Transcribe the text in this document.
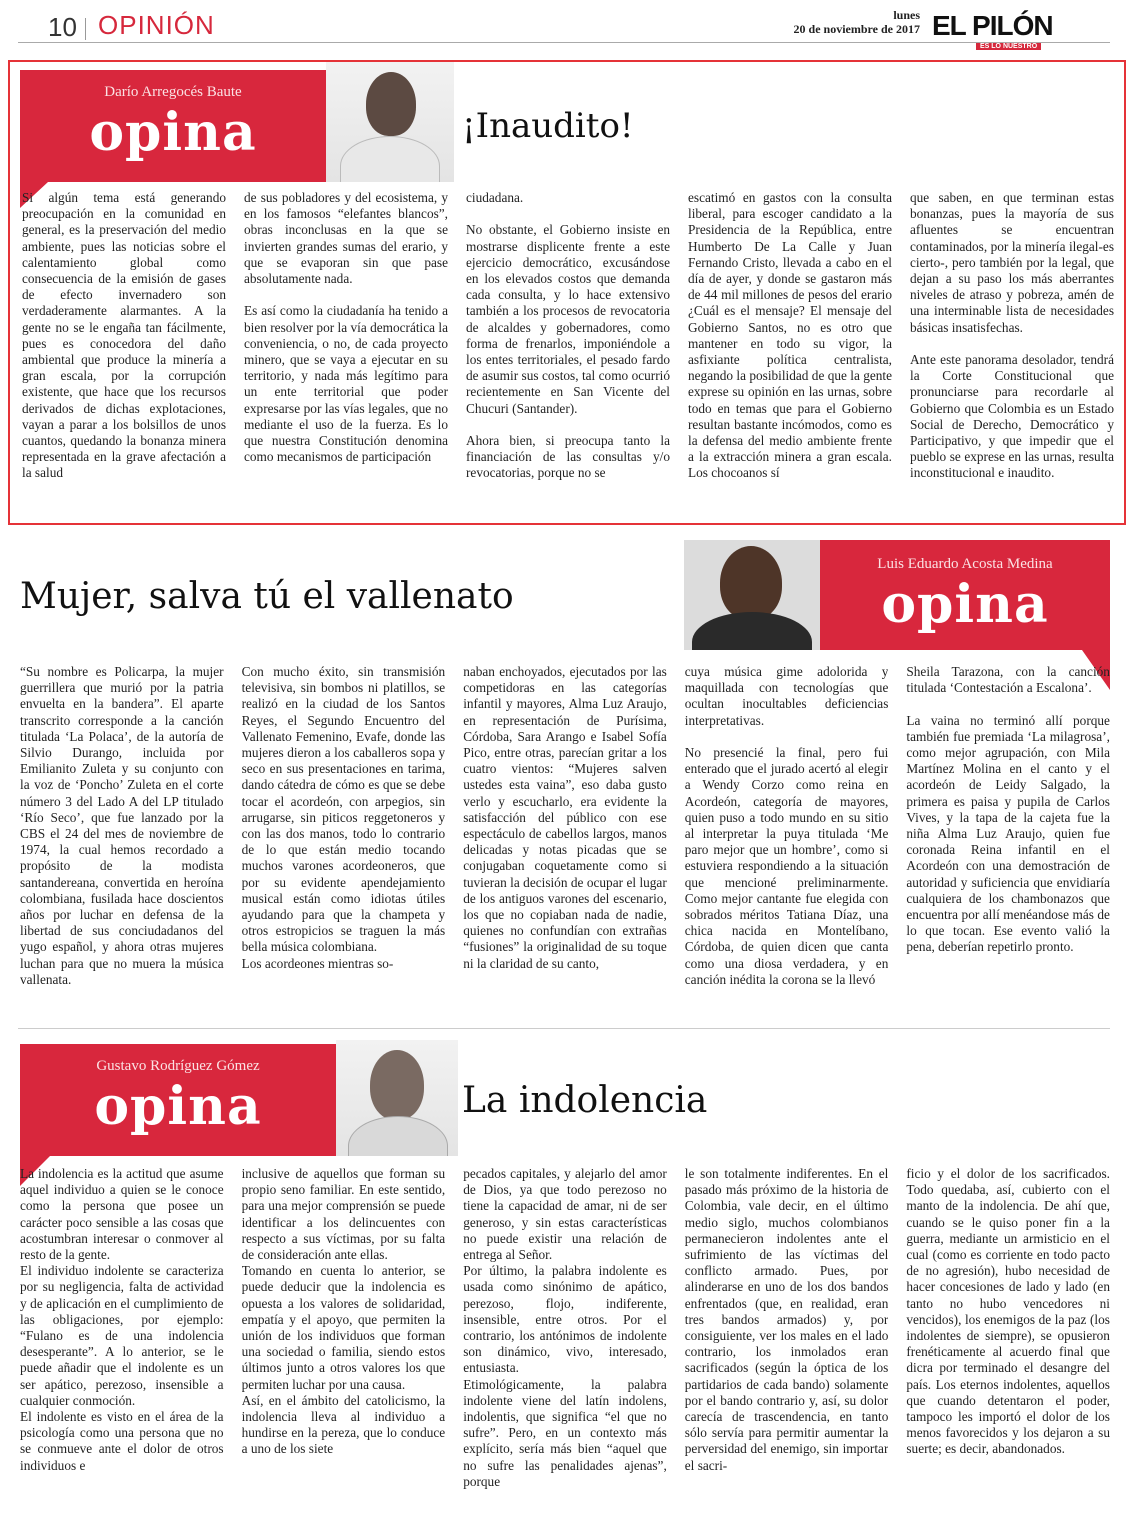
10 OPINIÓN	lunes
20 de noviembre de 2017 EL PILÓN
ES LO NUESTRO
Darío Arregocés Baute
opina	¡Inaudito!
Si algún tema está generando preocupación en la comunidad en general, es la preservación del medio ambiente, pues las noticias sobre el calentamiento global como consecuencia de la emisión de gases de efecto invernadero son verdaderamente alarmantes. A la gente no se le engaña tan fácilmente, pues es conocedora del daño ambiental que produce la minería a gran escala, por la corrupción existente, que hace que los recursos derivados de dichas explotaciones, vayan a parar a los bolsillos de unos cuantos, quedando la bonanza minera representada en la grave afectación a la salud
de sus pobladores y del ecosistema, y en los famosos “elefantes blancos”, obras inconclusas en la que se invierten grandes sumas del erario, y que se evaporan sin que pase absolutamente nada.

Es así como la ciudadanía ha tenido a bien resolver por la vía democrática la conveniencia, o no, de cada proyecto minero, que se vaya a ejecutar en su territorio, y nada más legítimo para un ente territorial que poder expresarse por las vías legales, que no mediante el uso de la fuerza. Es lo que nuestra Constitución denomina como mecanismos de participación
ciudadana.

No obstante, el Gobierno insiste en mostrarse displicente frente a este ejercicio democrático, excusándose en los elevados costos que demanda cada consulta, y lo hace extensivo también a los procesos de revocatoria de alcaldes y gobernadores, como forma de frenarlos, imponiéndole a los entes territoriales, el pesado fardo de asumir sus costos, tal como ocurrió recientemente en San Vicente del Chucuri (Santander).

Ahora bien, si preocupa tanto la financiación de las consultas y/o revocatorias, porque no se
escatimó en gastos con la consulta liberal, para escoger candidato a la Presidencia de la República, entre Humberto De La Calle y Juan Fernando Cristo, llevada a cabo en el día de ayer, y donde se gastaron más de 44 mil millones de pesos del erario ¿Cuál es el mensaje? El mensaje del Gobierno Santos, no es otro que mantener en todo su vigor, la asfixiante política centralista, negando la posibilidad de que la gente exprese su opinión en las urnas, sobre todo en temas que para el Gobierno resultan bastante incómodos, como es la defensa del medio ambiente frente a la extracción minera a gran escala. Los chocoanos sí
que saben, en que terminan estas bonanzas, pues la mayoría de sus afluentes se encuentran contaminados, por la minería ilegal-es cierto-, pero también por la legal, que dejan a su paso los más aberrantes niveles de atraso y pobreza, amén de una interminable lista de necesidades básicas insatisfechas.

Ante este panorama desolador, tendrá la Corte Constitucional que pronunciarse para recordarle al Gobierno que Colombia es un Estado Social de Derecho, Democrático y Participativo, y que impedir que el pueblo se exprese en las urnas, resulta inconstitucional e inaudito.
Luis Eduardo Acosta Medina
opina
Mujer, salva tú el vallenato
“Su nombre es Policarpa, la mujer guerrillera que murió por la patria envuelta en la bandera”. El aparte transcrito corresponde a la canción titulada ‘La Polaca’, de la autoría de Silvio Durango, incluida por Emilianito Zuleta y su conjunto con la voz de ‘Poncho’ Zuleta en el corte número 3 del Lado A del LP titulado ‘Río Seco’, que fue lanzado por la CBS el 24 del mes de noviembre de 1974, la cual hemos recordado a propósito de la modista santandereana, convertida en heroína colombiana, fusilada hace doscientos años por luchar en defensa de la libertad de sus conciudadanos del yugo español, y ahora otras mujeres luchan para que no muera la música vallenata.
Con mucho éxito, sin transmisión televisiva, sin bombos ni platillos, se realizó en la ciudad de los Santos Reyes, el Segundo Encuentro del Vallenato Femenino, Evafe, donde las mujeres dieron a los caballeros sopa y seco en sus presentaciones en tarima, dando cátedra de cómo es que se debe tocar el acordeón, con arpegios, sin arrugarse, sin piticos reggetoneros y con las dos manos, todo lo contrario de lo que están medio tocando muchos varones acordeoneros, que por su evidente apendejamiento musical están como idiotas útiles ayudando para que la champeta y otros estropicios se traguen la más bella música colombiana.
Los acordeones mientras so-
naban enchoyados, ejecutados por las competidoras en las categorías infantil y mayores, Alma Luz Araujo, en representación de Purísima, Córdoba, Sara Arango e Isabel Sofía Pico, entre otras, parecían gritar a los cuatro vientos: “Mujeres salven ustedes esta vaina”, eso daba gusto verlo y escucharlo, era evidente la satisfacción del público con ese espectáculo de cabellos largos, manos delicadas y notas picadas que se conjugaban coquetamente como si tuvieran la decisión de ocupar el lugar de los antiguos varones del escenario, los que no copiaban nada de nadie, quienes no confundían con extrañas “fusiones” la originalidad de su toque ni la claridad de su canto,
cuya música gime adolorida y maquillada con tecnologías que ocultan inocultables deficiencias interpretativas.

No presencié la final, pero fui enterado que el jurado acertó al elegir a Wendy Corzo como reina en Acordeón, categoría de mayores, quien puso a todo mundo en su sitio al interpretar la puya titulada ‘Me paro mejor que un hombre’, como si estuviera respondiendo a la situación que mencioné preliminarmente. Como mejor cantante fue elegida con sobrados méritos Tatiana Díaz, una chica nacida en Montelíbano, Córdoba, de quien dicen que canta como una diosa verdadera, y en canción inédita la corona se la llevó
Sheila Tarazona, con la canción titulada ‘Contestación a Escalona’.

La vaina no terminó allí porque también fue premiada ‘La milagrosa’, como mejor agrupación, con Mila Martínez Molina en el canto y el acordeón de Leidy Salgado, la primera es paisa y pupila de Carlos Vives, y la tapa de la cajeta fue la niña Alma Luz Araujo, quien fue coronada Reina infantil en el Acordeón con una demostración de autoridad y suficiencia que envidiaría cualquiera de los chambonazos que encuentra por allí menéandose más de lo que tocan. Ese evento valió la pena, deberían repetirlo pronto.
Gustavo Rodríguez Gómez
opina	La indolencia
La indolencia es la actitud que asume aquel individuo a quien se le conoce como la persona que posee un carácter poco sensible a las cosas que acostumbran interesar o conmover al resto de la gente.
El individuo indolente se caracteriza por su negligencia, falta de actividad y de aplicación en el cumplimiento de las obligaciones, por ejemplo: “Fulano es de una indolencia desesperante”. A lo anterior, se le puede añadir que el indolente es un ser apático, perezoso, insensible a cualquier conmoción.
El indolente es visto en el área de la psicología como una persona que no se conmueve ante el dolor de otros individuos e
inclusive de aquellos que forman su propio seno familiar. En este sentido, para una mejor comprensión se puede identificar a los delincuentes con respecto a sus víctimas, por su falta de consideración ante ellas.
Tomando en cuenta lo anterior, se puede deducir que la indolencia es opuesta a los valores de solidaridad, empatía y el apoyo, que permiten la unión de los individuos que forman una sociedad o familia, siendo estos últimos junto a otros valores los que permiten luchar por una causa.
Así, en el ámbito del catolicismo, la indolencia lleva al individuo a hundirse en la pereza, que lo conduce a uno de los siete
pecados capitales, y alejarlo del amor de Dios, ya que todo perezoso no tiene la capacidad de amar, ni de ser generoso, y sin estas características no puede existir una relación de entrega al Señor.
Por último, la palabra indolente es usada como sinónimo de apático, perezoso, flojo, indiferente, insensible, entre otros. Por el contrario, los antónimos de indolente son dinámico, vivo, interesado, entusiasta.
Etimológicamente, la palabra indolente viene del latín indolens, indolentis, que significa “el que no sufre”. Pero, en un contexto más explícito, sería más bien “aquel que no sufre las penalidades ajenas”, porque
le son totalmente indiferentes. En el pasado más próximo de la historia de Colombia, vale decir, en el último medio siglo, muchos colombianos permanecieron indolentes ante el sufrimiento de las víctimas del conflicto armado. Pues, por alinderarse en uno de los dos bandos enfrentados (que, en realidad, eran tres bandos armados) y, por consiguiente, ver los males en el lado contrario, los inmolados eran sacrificados (según la óptica de los partidarios de cada bando) solamente por el bando contrario y, así, su dolor carecía de trascendencia, en tanto sólo servía para permitir aumentar la perversidad del enemigo, sin importar el sacri-
ficio y el dolor de los sacrificados. Todo quedaba, así, cubierto con el manto de la indolencia. De ahí que, cuando se le quiso poner fin a la guerra, mediante un armisticio en el cual (como es corriente en todo pacto de no agresión), hubo necesidad de hacer concesiones de lado y lado (en tanto no hubo vencedores ni vencidos), los enemigos de la paz (los indolentes de siempre), se opusieron frenéticamente al acuerdo final que dicra por terminado el desangre del país. Los eternos indolentes, aquellos que cuando detentaron el poder, tampoco les importó el dolor de los menos favorecidos y los dejaron a su suerte; es decir, abandonados.
